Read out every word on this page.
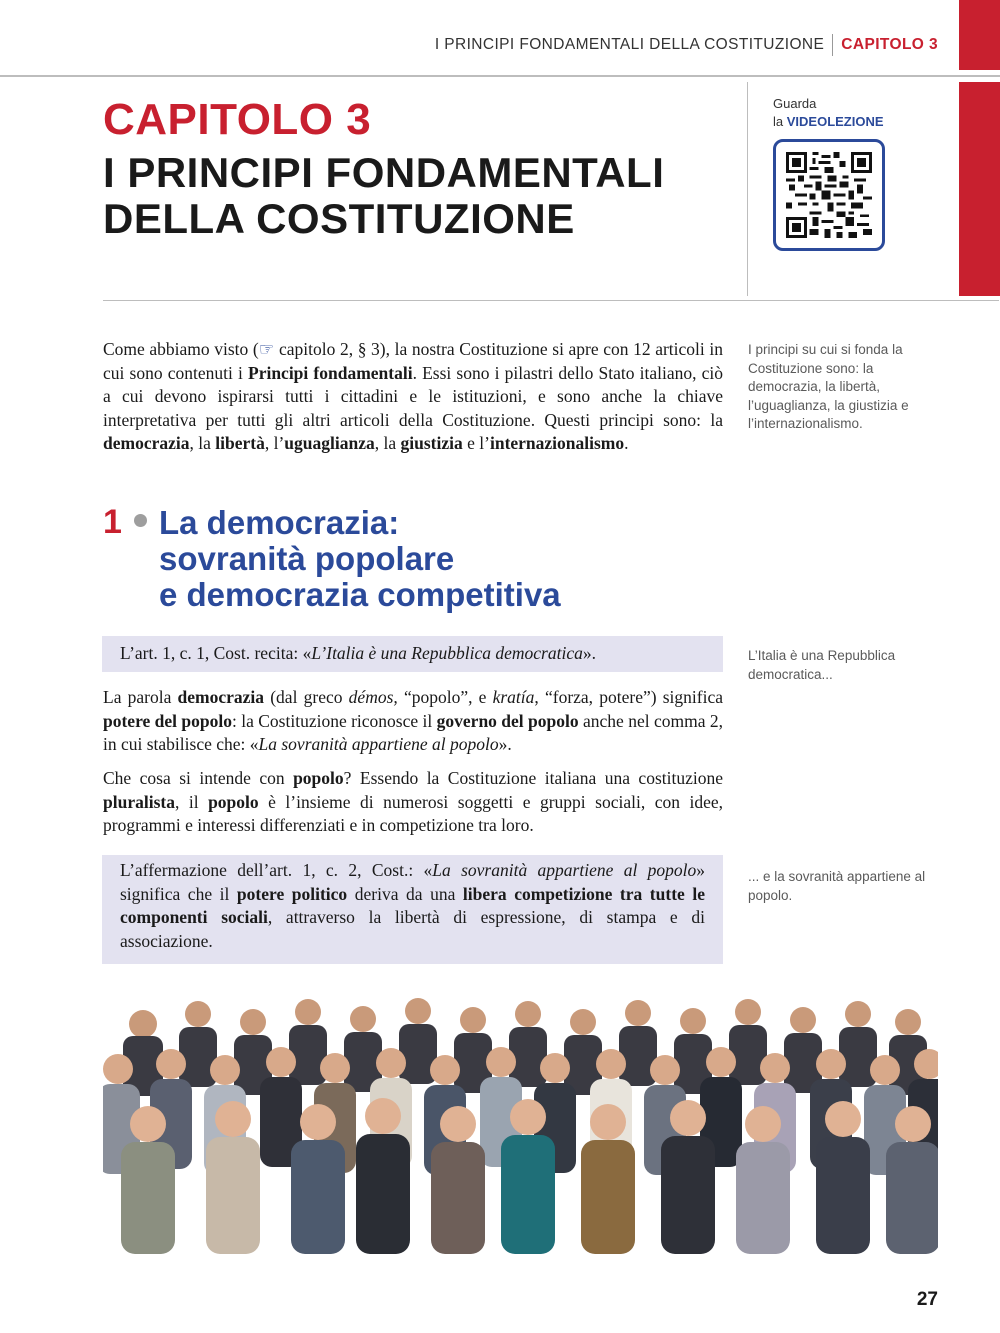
I PRINCIPI FONDAMENTALI DELLA COSTITUZIONE CAPITOLO 3
CAPITOLO 3
I PRINCIPI FONDAMENTALI
DELLA COSTITUZIONE
Guarda
la VIDEOLEZIONE

Come abbiamo visto (☞ capitolo 2, § 3), la nostra Costituzione si apre con 12 articoli in cui sono contenuti i Principi fondamentali. Essi sono i pilastri dello Stato italiano, ciò a cui devono ispirarsi tutti i cittadini e le istituzioni, e sono anche la chiave interpretativa per tutti gli altri articoli della Costituzione. Questi principi sono: la democrazia, la libertà, l’uguaglianza, la giustizia e l’internazionalismo.

I principi su cui si fonda la Costituzione sono: la democrazia, la libertà, l’uguaglianza, la giustizia e l’internazionalismo.
1 La democrazia:
sovranità popolare
e democrazia competitiva
L’art. 1, c. 1, Cost. recita: «L’Italia è una Repubblica democratica».	L’Italia è una Repubblica democratica...

La parola democrazia (dal greco démos, “popolo”, e kratía, “forza, potere”) significa potere del popolo: la Costituzione riconosce il governo del popolo anche nel comma 2, in cui stabilisce che: «La sovranità appartiene al popolo».

Che cosa si intende con popolo? Essendo la Costituzione italiana una costituzione pluralista, il popolo è l’insieme di numerosi soggetti e gruppi sociali, con idee, programmi e interessi differenziati e in competizione tra loro.

L’affermazione dell’art. 1, c. 2, Cost.: «La sovranità appartiene al popolo» significa che il potere politico deriva da una libera competizione tra tutte le componenti sociali, attraverso la libertà di espressione, di stampa e di associazione.
... e la sovranità appartiene al popolo.
27
